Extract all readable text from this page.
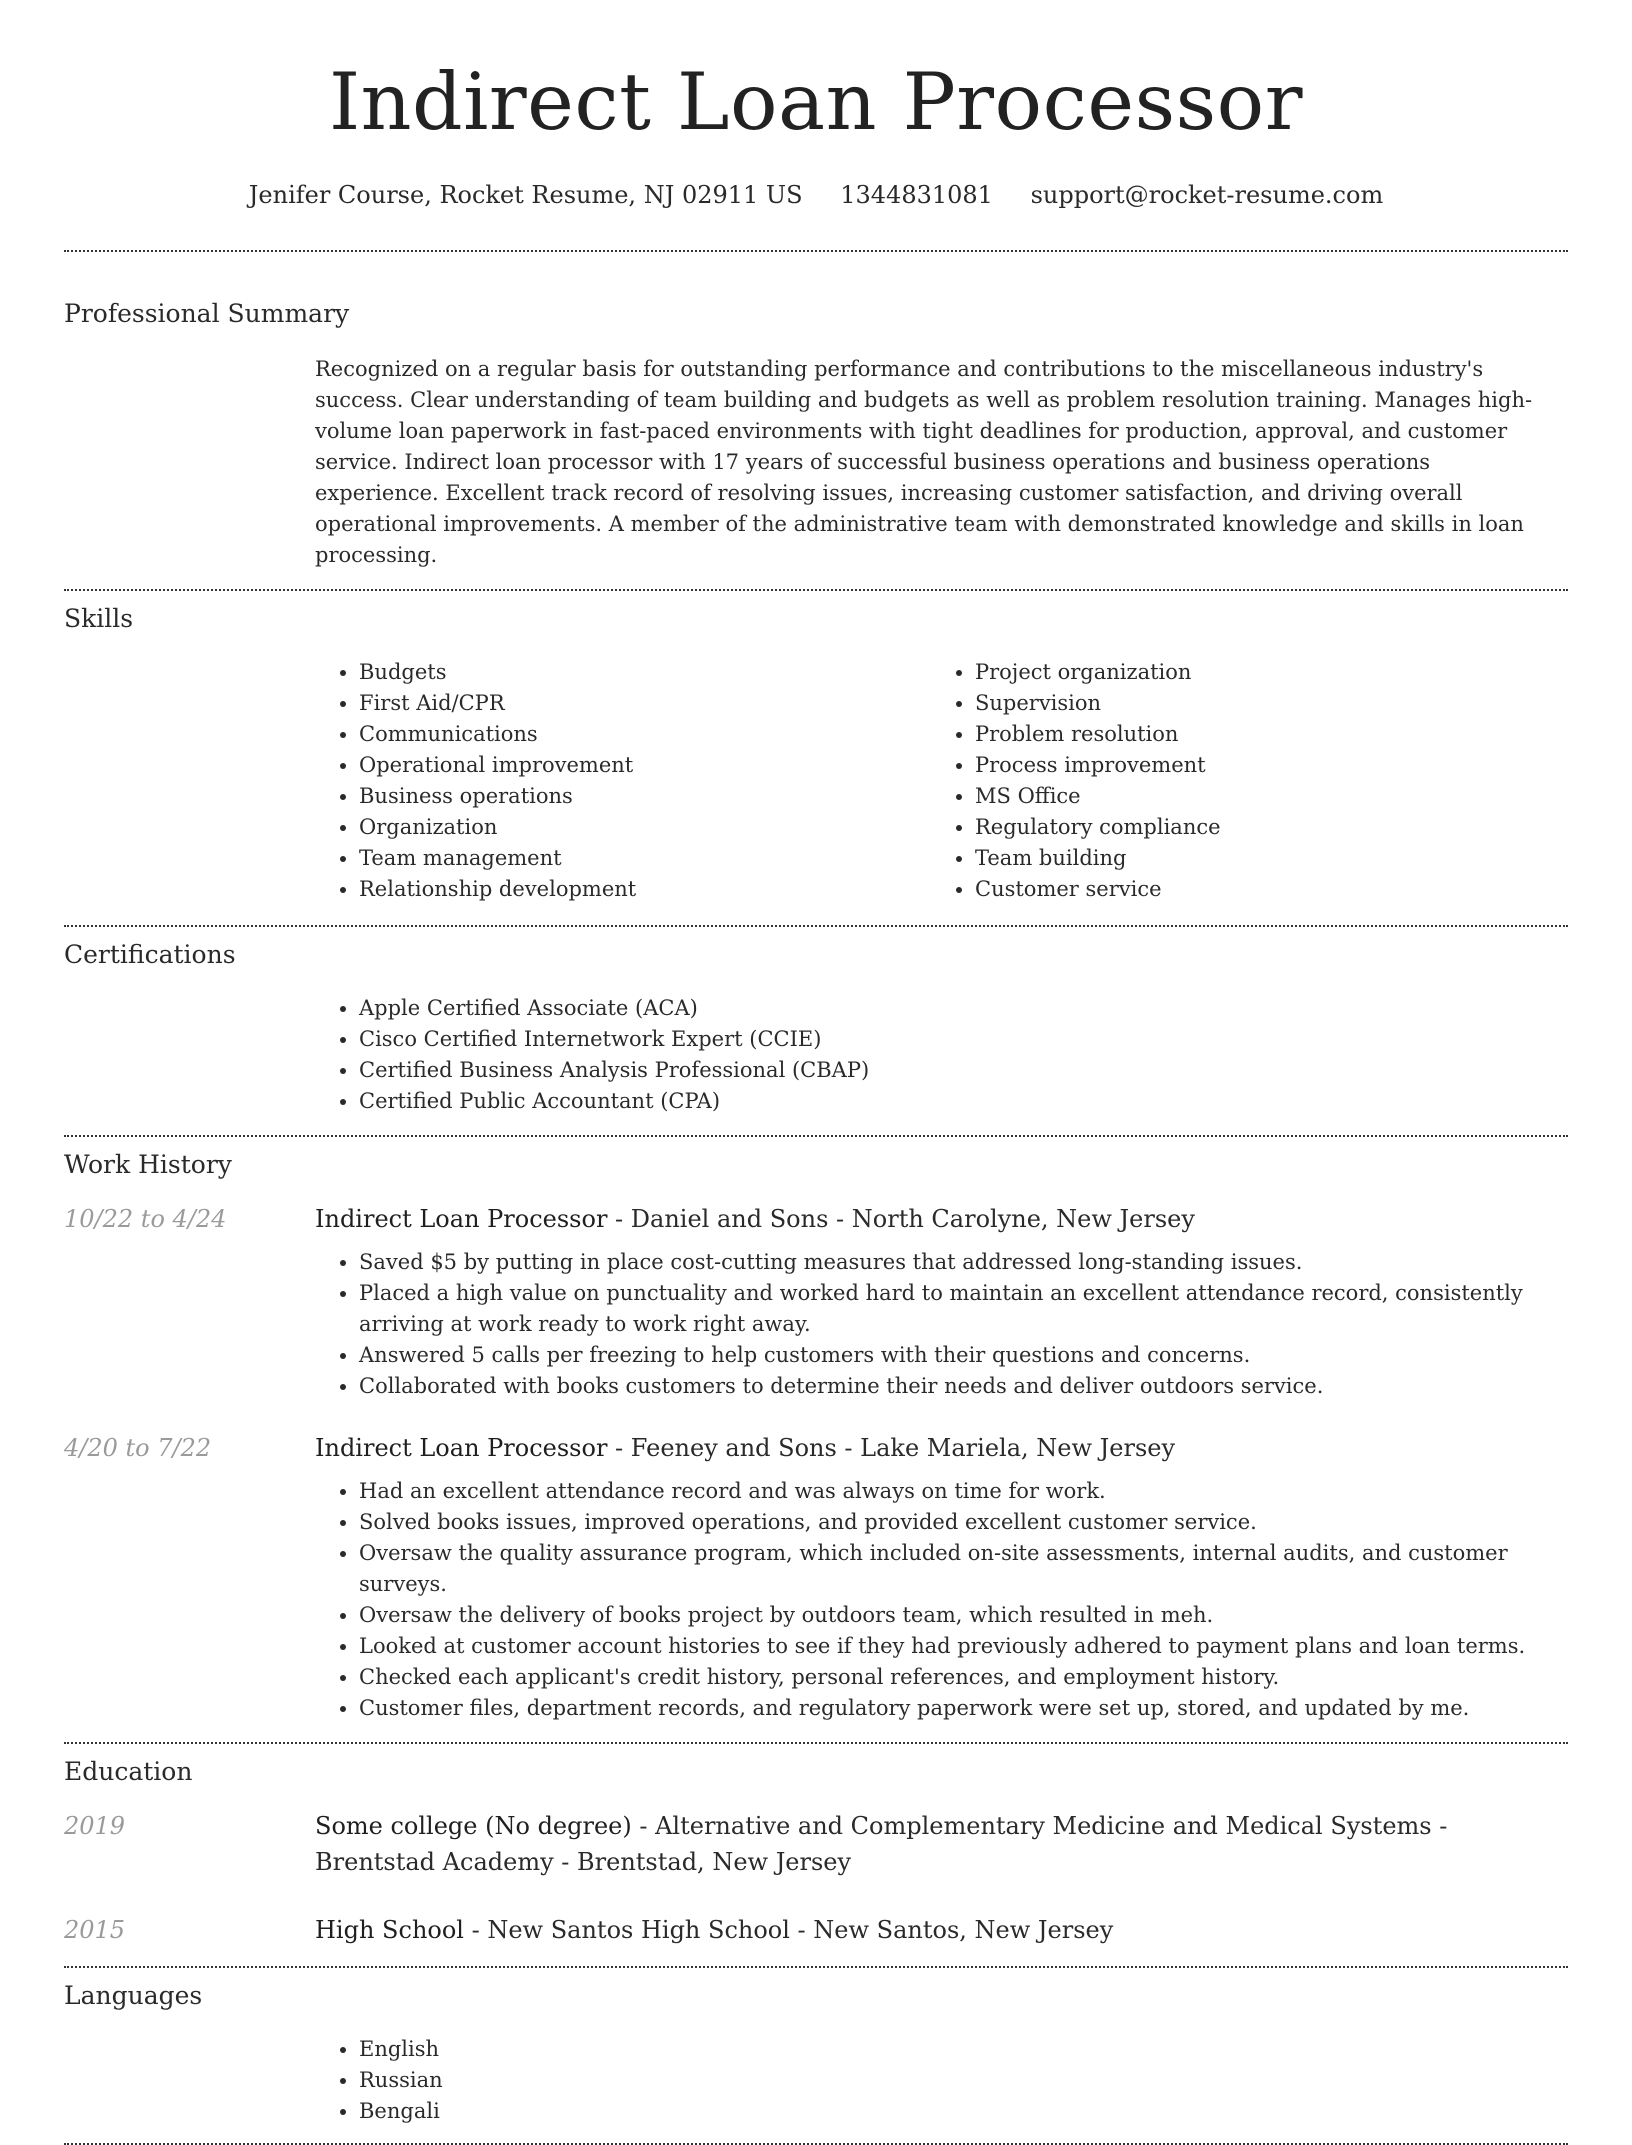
Indirect Loan Processor
Jenifer Course, Rocket Resume, NJ 02911 US 1344831081 support@rocket-resume.com
Professional Summary
Recognized on a regular basis for outstanding performance and contributions to the miscellaneous industry's success. Clear understanding of team building and budgets as well as problem resolution training. Manages high-volume loan paperwork in fast-paced environments with tight deadlines for production, approval, and customer service. Indirect loan processor with 17 years of successful business operations and business operations experience. Excellent track record of resolving issues, increasing customer satisfaction, and driving overall operational improvements. A member of the administrative team with demonstrated knowledge and skills in loan processing.
Skills
• Budgets
• First Aid/CPR
• Communications
• Operational improvement
• Business operations
• Organization
• Team management
• Relationship development
• Project organization
• Supervision
• Problem resolution
• Process improvement
• MS Office
• Regulatory compliance
• Team building
• Customer service
Certifications
• Apple Certified Associate (ACA)
• Cisco Certified Internetwork Expert (CCIE)
• Certified Business Analysis Professional (CBAP)
• Certified Public Accountant (CPA)
Work History
10/22 to 4/24	Indirect Loan Processor - Daniel and Sons - North Carolyne, New Jersey
• Saved $5 by putting in place cost-cutting measures that addressed long-standing issues.
• Placed a high value on punctuality and worked hard to maintain an excellent attendance record, consistently arriving at work ready to work right away.
• Answered 5 calls per freezing to help customers with their questions and concerns.
• Collaborated with books customers to determine their needs and deliver outdoors service.
4/20 to 7/22	Indirect Loan Processor - Feeney and Sons - Lake Mariela, New Jersey
• Had an excellent attendance record and was always on time for work.
• Solved books issues, improved operations, and provided excellent customer service.
• Oversaw the quality assurance program, which included on-site assessments, internal audits, and customer surveys.
• Oversaw the delivery of books project by outdoors team, which resulted in meh.
• Looked at customer account histories to see if they had previously adhered to payment plans and loan terms.
• Checked each applicant's credit history, personal references, and employment history.
• Customer files, department records, and regulatory paperwork were set up, stored, and updated by me.
Education
2019	Some college (No degree) - Alternative and Complementary Medicine and Medical Systems - Brentstad Academy - Brentstad, New Jersey
2015	High School - New Santos High School - New Santos, New Jersey
Languages
• English
• Russian
• Bengali
